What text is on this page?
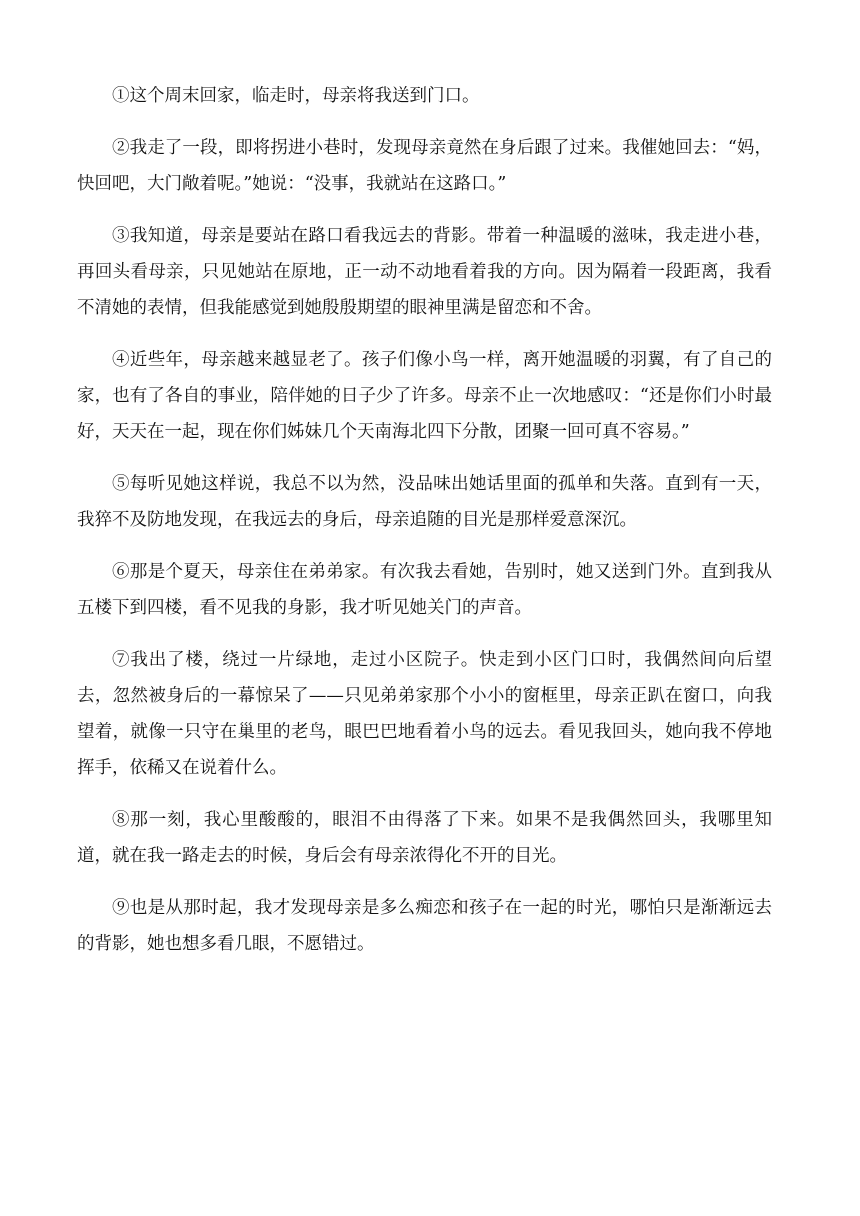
①这个周末回家，临走时，母亲将我送到门口。

②我走了一段，即将拐进小巷时，发现母亲竟然在身后跟了过来。我催她回去：“妈，快回吧，大门敞着呢。”她说：“没事，我就站在这路口。”

③我知道，母亲是要站在路口看我远去的背影。带着一种温暖的滋味，我走进小巷，再回头看母亲，只见她站在原地，正一动不动地看着我的方向。因为隔着一段距离，我看不清她的表情，但我能感觉到她殷殷期望的眼神里满是留恋和不舍。

④近些年，母亲越来越显老了。孩子们像小鸟一样，离开她温暖的羽翼，有了自己的家，也有了各自的事业，陪伴她的日子少了许多。母亲不止一次地感叹：“还是你们小时最好，天天在一起，现在你们姊妹几个天南海北四下分散，团聚一回可真不容易。”

⑤每听见她这样说，我总不以为然，没品味出她话里面的孤单和失落。直到有一天，我猝不及防地发现，在我远去的身后，母亲追随的目光是那样爱意深沉。

⑥那是个夏天，母亲住在弟弟家。有次我去看她，告别时，她又送到门外。直到我从五楼下到四楼，看不见我的身影，我才听见她关门的声音。

⑦我出了楼，绕过一片绿地，走过小区院子。快走到小区门口时，我偶然间向后望去，忽然被身后的一幕惊呆了——只见弟弟家那个小小的窗框里，母亲正趴在窗口，向我望着，就像一只守在巢里的老鸟，眼巴巴地看着小鸟的远去。看见我回头，她向我不停地挥手，依稀又在说着什么。

⑧那一刻，我心里酸酸的，眼泪不由得落了下来。如果不是我偶然回头，我哪里知道，就在我一路走去的时候，身后会有母亲浓得化不开的目光。

⑨也是从那时起，我才发现母亲是多么痴恋和孩子在一起的时光，哪怕只是渐渐远去的背影，她也想多看几眼，不愿错过。
